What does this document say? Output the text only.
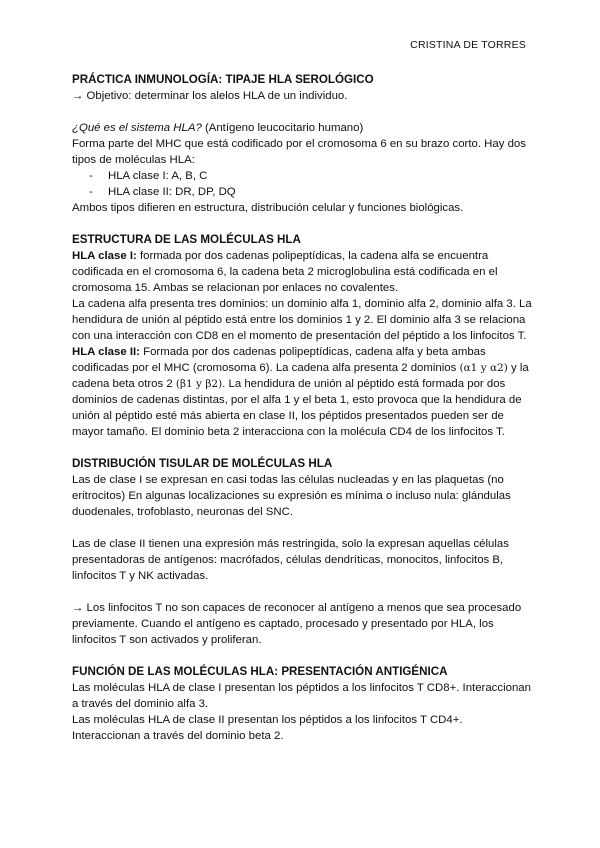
CRISTINA DE TORRES
PRÁCTICA INMUNOLOGÍA: TIPAJE HLA SEROLÓGICO

→ Objetivo: determinar los alelos HLA de un individuo.

¿Qué es el sistema HLA? (Antígeno leucocitario humano)

Forma parte del MHC que está codificado por el cromosoma 6 en su brazo corto. Hay dos tipos de moléculas HLA:

- HLA clase I: A, B, C
- HLA clase II: DR, DP, DQ

Ambos tipos difieren en estructura, distribución celular y funciones biológicas.

ESTRUCTURA DE LAS MOLÉCULAS HLA

HLA clase I: formada por dos cadenas polipeptídicas, la cadena alfa se encuentra codificada en el cromosoma 6, la cadena beta 2 microglobulina está codificada en el cromosoma 15. Ambas se relacionan por enlaces no covalentes.

La cadena alfa presenta tres dominios: un dominio alfa 1, dominio alfa 2, dominio alfa 3. La hendidura de unión al péptido está entre los dominios 1 y 2. El dominio alfa 3 se relaciona con una interacción con CD8 en el momento de presentación del péptido a los linfocitos T.

HLA clase II: Formada por dos cadenas polipeptídicas, cadena alfa y beta ambas codificadas por el MHC (cromosoma 6). La cadena alfa presenta 2 dominios (α1 y α2) y la cadena beta otros 2 (β1 y β2). La hendidura de unión al péptido está formada por dos dominios de cadenas distintas, por el alfa 1 y el beta 1, esto provoca que la hendidura de unión al péptido esté más abierta en clase II, los péptidos presentados pueden ser de mayor tamaño. El dominio beta 2 interacciona con la molécula CD4 de los linfocitos T.

DISTRIBUCIÓN TISULAR DE MOLÉCULAS HLA

Las de clase I se expresan en casi todas las células nucleadas y en las plaquetas (no eritrocitos) En algunas localizaciones su expresión es mínima o incluso nula: glándulas duodenales, trofoblasto, neuronas del SNC.

Las de clase II tienen una expresión más restringida, solo la expresan aquellas células presentadoras de antígenos: macrófados, células dendríticas, monocitos, linfocitos B, linfocitos T y NK activadas.

→ Los linfocitos T no son capaces de reconocer al antígeno a menos que sea procesado previamente. Cuando el antígeno es captado, procesado y presentado por HLA, los linfocitos T son activados y proliferan.

FUNCIÓN DE LAS MOLÉCULAS HLA: PRESENTACIÓN ANTIGÉNICA

Las moléculas HLA de clase I presentan los péptidos a los linfocitos T CD8+. Interaccionan a través del dominio alfa 3.

Las moléculas HLA de clase II presentan los péptidos a los linfocitos T CD4+. Interaccionan a través del dominio beta 2.
